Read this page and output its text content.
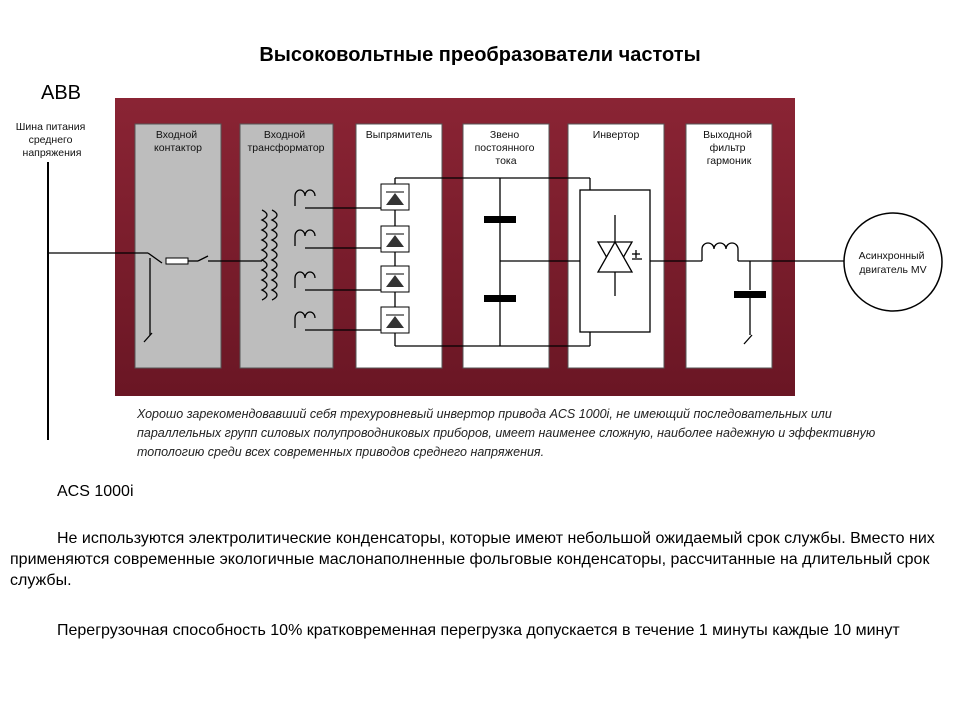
Высоковольтные преобразователи частоты
ABB
Входной контактор
Входной трансформатор
Выпрямитель	Звено постоянного тока
Инвертор	Выходной фильтр гармоник
Шина питания среднего напряжения
Асинхронный двигатель MV
Хорошо зарекомендовавший себя трехуровневый инвертор привода ACS 1000i, не имеющий последовательных или
параллельных групп силовых полупроводниковых приборов, имеет наименее сложную, наиболее надежную и эффективную
топологию среди всех современных приводов среднего напряжения.
ACS 1000i
Не используются электролитические конденсаторы, которые имеют небольшой ожидаемый срок службы. Вместо них применяются современные экологичные маслонаполненные фольговые конденсаторы, рассчитанные на длительный срок службы.
Перегрузочная способность 10% кратковременная перегрузка допускается в течение 1 минуты каждые 10 минут
